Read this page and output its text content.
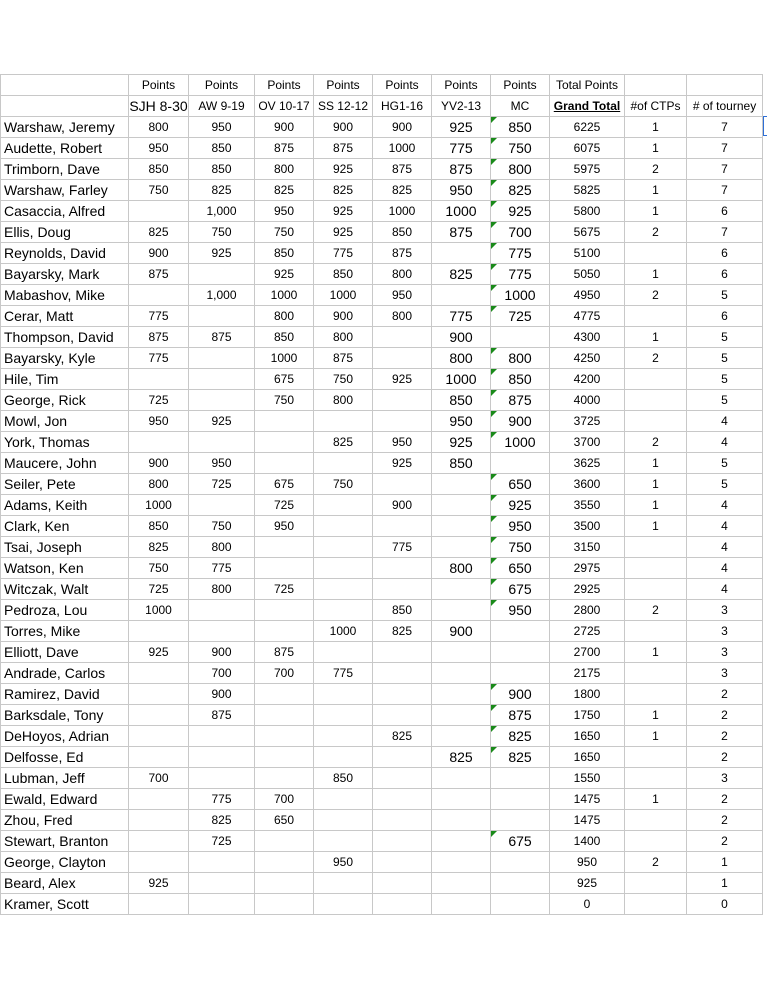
	Points	Points	Points	Points	Points	Points	Points	Total Points		
	SJH 8-30	AW 9-19	OV 10-17	SS 12-12	HG1-16	YV2-13	MC	Grand Total	#of CTPs	# of tourney
Warshaw, Jeremy	800	950	900	900	900	925	850	6225	1	7
Audette, Robert	950	850	875	875	1000	775	750	6075	1	7
Trimborn, Dave	850	850	800	925	875	875	800	5975	2	7
Warshaw, Farley	750	825	825	825	825	950	825	5825	1	7
Casaccia, Alfred		1,000	950	925	1000	1000	925	5800	1	6
Ellis, Doug	825	750	750	925	850	875	700	5675	2	7
Reynolds, David	900	925	850	775	875		775	5100		6
Bayarsky, Mark	875		925	850	800	825	775	5050	1	6
Mabashov, Mike		1,000	1000	1000	950		1000	4950	2	5
Cerar, Matt	775		800	900	800	775	725	4775		6
Thompson, David	875	875	850	800		900		4300	1	5
Bayarsky, Kyle	775		1000	875		800	800	4250	2	5
Hile, Tim			675	750	925	1000	850	4200		5
George, Rick	725		750	800		850	875	4000		5
Mowl, Jon	950	925				950	900	3725		4
York, Thomas				825	950	925	1000	3700	2	4
Maucere, John	900	950			925	850		3625	1	5
Seiler, Pete	800	725	675	750			650	3600	1	5
Adams, Keith	1000		725		900		925	3550	1	4
Clark, Ken	850	750	950				950	3500	1	4
Tsai, Joseph	825	800			775		750	3150		4
Watson, Ken	750	775				800	650	2975		4
Witczak, Walt	725	800	725				675	2925		4
Pedroza, Lou	1000				850		950	2800	2	3
Torres, Mike				1000	825	900		2725		3
Elliott, Dave	925	900	875					2700	1	3
Andrade, Carlos		700	700	775				2175		3
Ramirez, David		900					900	1800		2
Barksdale, Tony		875					875	1750	1	2
DeHoyos, Adrian					825		825	1650	1	2
Delfosse, Ed						825	825	1650		2
Lubman, Jeff	700			850				1550		3
Ewald, Edward		775	700					1475	1	2
Zhou, Fred		825	650					1475		2
Stewart, Branton		725					675	1400		2
George, Clayton				950				950	2	1
Beard, Alex	925							925		1
Kramer, Scott								0		0
